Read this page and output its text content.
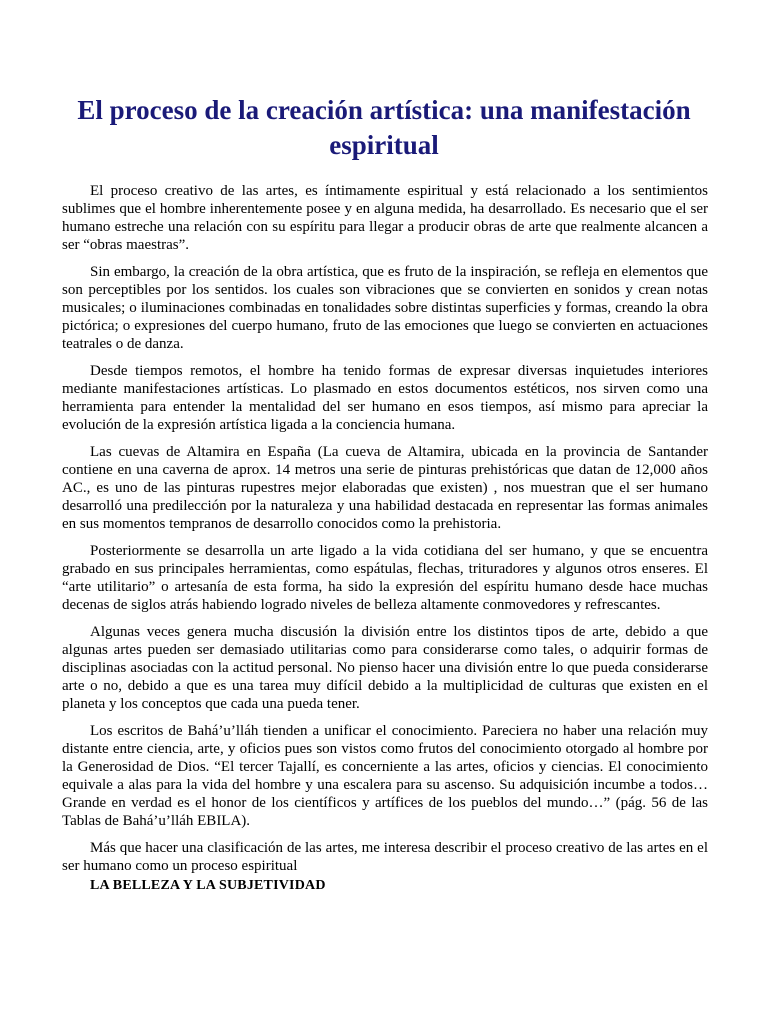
El proceso de la creación artística: una manifestación espiritual

El proceso creativo de las artes, es íntimamente espiritual y está relacionado a los sentimientos sublimes que el hombre inherentemente posee y en alguna medida, ha desarrollado. Es necesario que el ser humano estreche una relación con su espíritu para llegar a producir obras de arte que realmente alcancen a ser “obras maestras”.

Sin embargo, la creación de la obra artística, que es fruto de la inspiración, se refleja en elementos que son perceptibles por los sentidos. los cuales son vibraciones que se convierten en sonidos y crean notas musicales; o iluminaciones combinadas en tonalidades sobre distintas superficies y formas, creando la obra pictórica; o expresiones del cuerpo humano, fruto de las emociones que luego se convierten en actuaciones teatrales o de danza.

Desde tiempos remotos, el hombre ha tenido formas de expresar diversas inquietudes interiores mediante manifestaciones artísticas. Lo plasmado en estos documentos estéticos, nos sirven como una herramienta para entender la mentalidad del ser humano en esos tiempos, así mismo para apreciar la evolución de la expresión artística ligada a la conciencia humana.

Las cuevas de Altamira en España (La cueva de Altamira, ubicada en la provincia de Santander contiene en una caverna de aprox. 14 metros una serie de pinturas prehistóricas que datan de 12,000 años AC., es uno de las pinturas rupestres mejor elaboradas que existen) , nos muestran que el ser humano desarrolló una predilección por la naturaleza y una habilidad destacada en representar las formas animales en sus momentos tempranos de desarrollo conocidos como la prehistoria.

Posteriormente se desarrolla un arte ligado a la vida cotidiana del ser humano, y que se encuentra grabado en sus principales herramientas, como espátulas, flechas, trituradores y algunos otros enseres. El “arte utilitario” o artesanía de esta forma, ha sido la expresión del espíritu humano desde hace muchas decenas de siglos atrás habiendo logrado niveles de belleza altamente conmovedores y refrescantes.

Algunas veces genera mucha discusión la división entre los distintos tipos de arte, debido a que algunas artes pueden ser demasiado utilitarias como para considerarse como tales, o adquirir formas de disciplinas asociadas con la actitud personal. No pienso hacer una división entre lo que pueda considerarse arte o no, debido a que es una tarea muy difícil debido a la multiplicidad de culturas que existen en el planeta y los conceptos que cada una pueda tener.

Los escritos de Bahá’u’lláh tienden a unificar el conocimiento. Pareciera no haber una relación muy distante entre ciencia, arte, y oficios pues son vistos como frutos del conocimiento otorgado al hombre por la Generosidad de Dios. “El tercer Tajallí, es concerniente a las artes, oficios y ciencias. El conocimiento equivale a alas para la vida del hombre y una escalera para su ascenso. Su adquisición incumbe a todos… Grande en verdad es el honor de los científicos y artífices de los pueblos del mundo…” (pág. 56 de las Tablas de Bahá’u’lláh EBILA).

Más que hacer una clasificación de las artes, me interesa describir el proceso creativo de las artes en el ser humano como un proceso espiritual

LA BELLEZA Y LA SUBJETIVIDAD
